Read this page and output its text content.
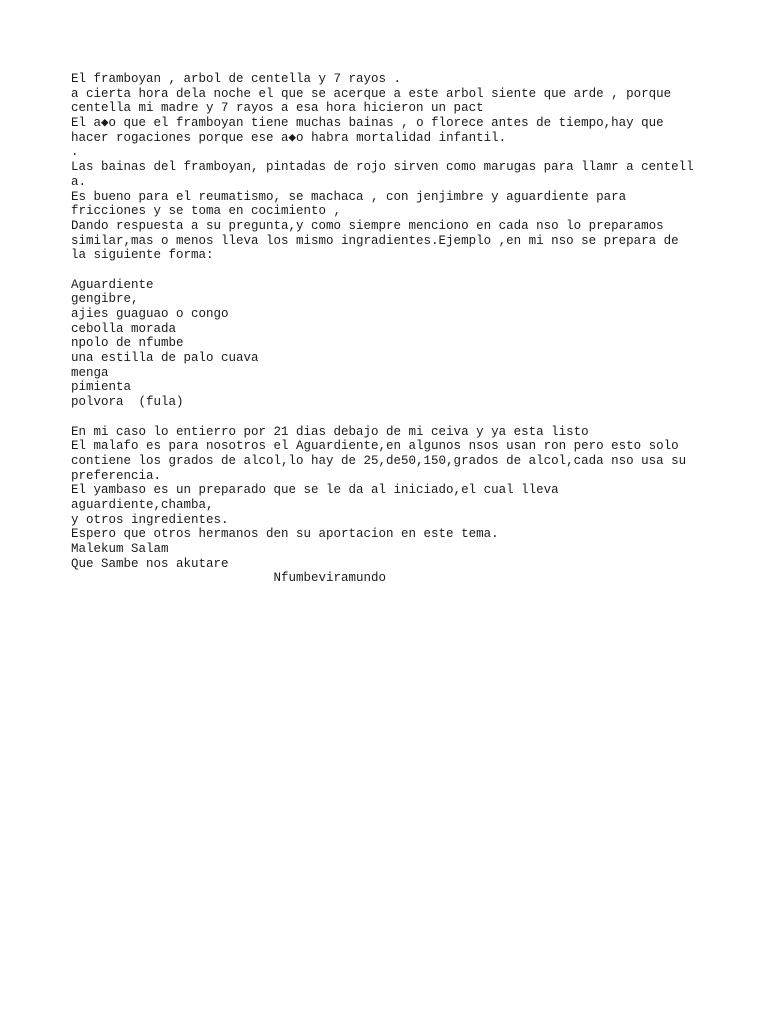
El framboyan , arbol de centella y 7 rayos .
a cierta hora dela noche el que se acerque a este arbol siente que arde , porque
centella mi madre y 7 rayos a esa hora hicieron un pact
El a◆o que el framboyan tiene muchas bainas , o florece antes de tiempo,hay que
hacer rogaciones porque ese a◆o habra mortalidad infantil.
.
Las bainas del framboyan, pintadas de rojo sirven como marugas para llamr a centell
a.
Es bueno para el reumatismo, se machaca , con jenjimbre y aguardiente para
fricciones y se toma en cocimiento ,
Dando respuesta a su pregunta,y como siempre menciono en cada nso lo preparamos
similar,mas o menos lleva los mismo ingradientes.Ejemplo ,en mi nso se prepara de
la siguiente forma:
Aguardiente
gengibre,
ajies guaguao o congo
cebolla morada
npolo de nfumbe
una estilla de palo cuava
menga
pimienta
polvora  (fula)
En mi caso lo entierro por 21 dias debajo de mi ceiva y ya esta listo
El malafo es para nosotros el Aguardiente,en algunos nsos usan ron pero esto solo
contiene los grados de alcol,lo hay de 25,de50,150,grados de alcol,cada nso usa su
preferencia.
El yambaso es un preparado que se le da al iniciado,el cual lleva
aguardiente,chamba,
y otros ingredientes.
Espero que otros hermanos den su aportacion en este tema.
Malekum Salam
Que Sambe nos akutare
Nfumbeviramundo
